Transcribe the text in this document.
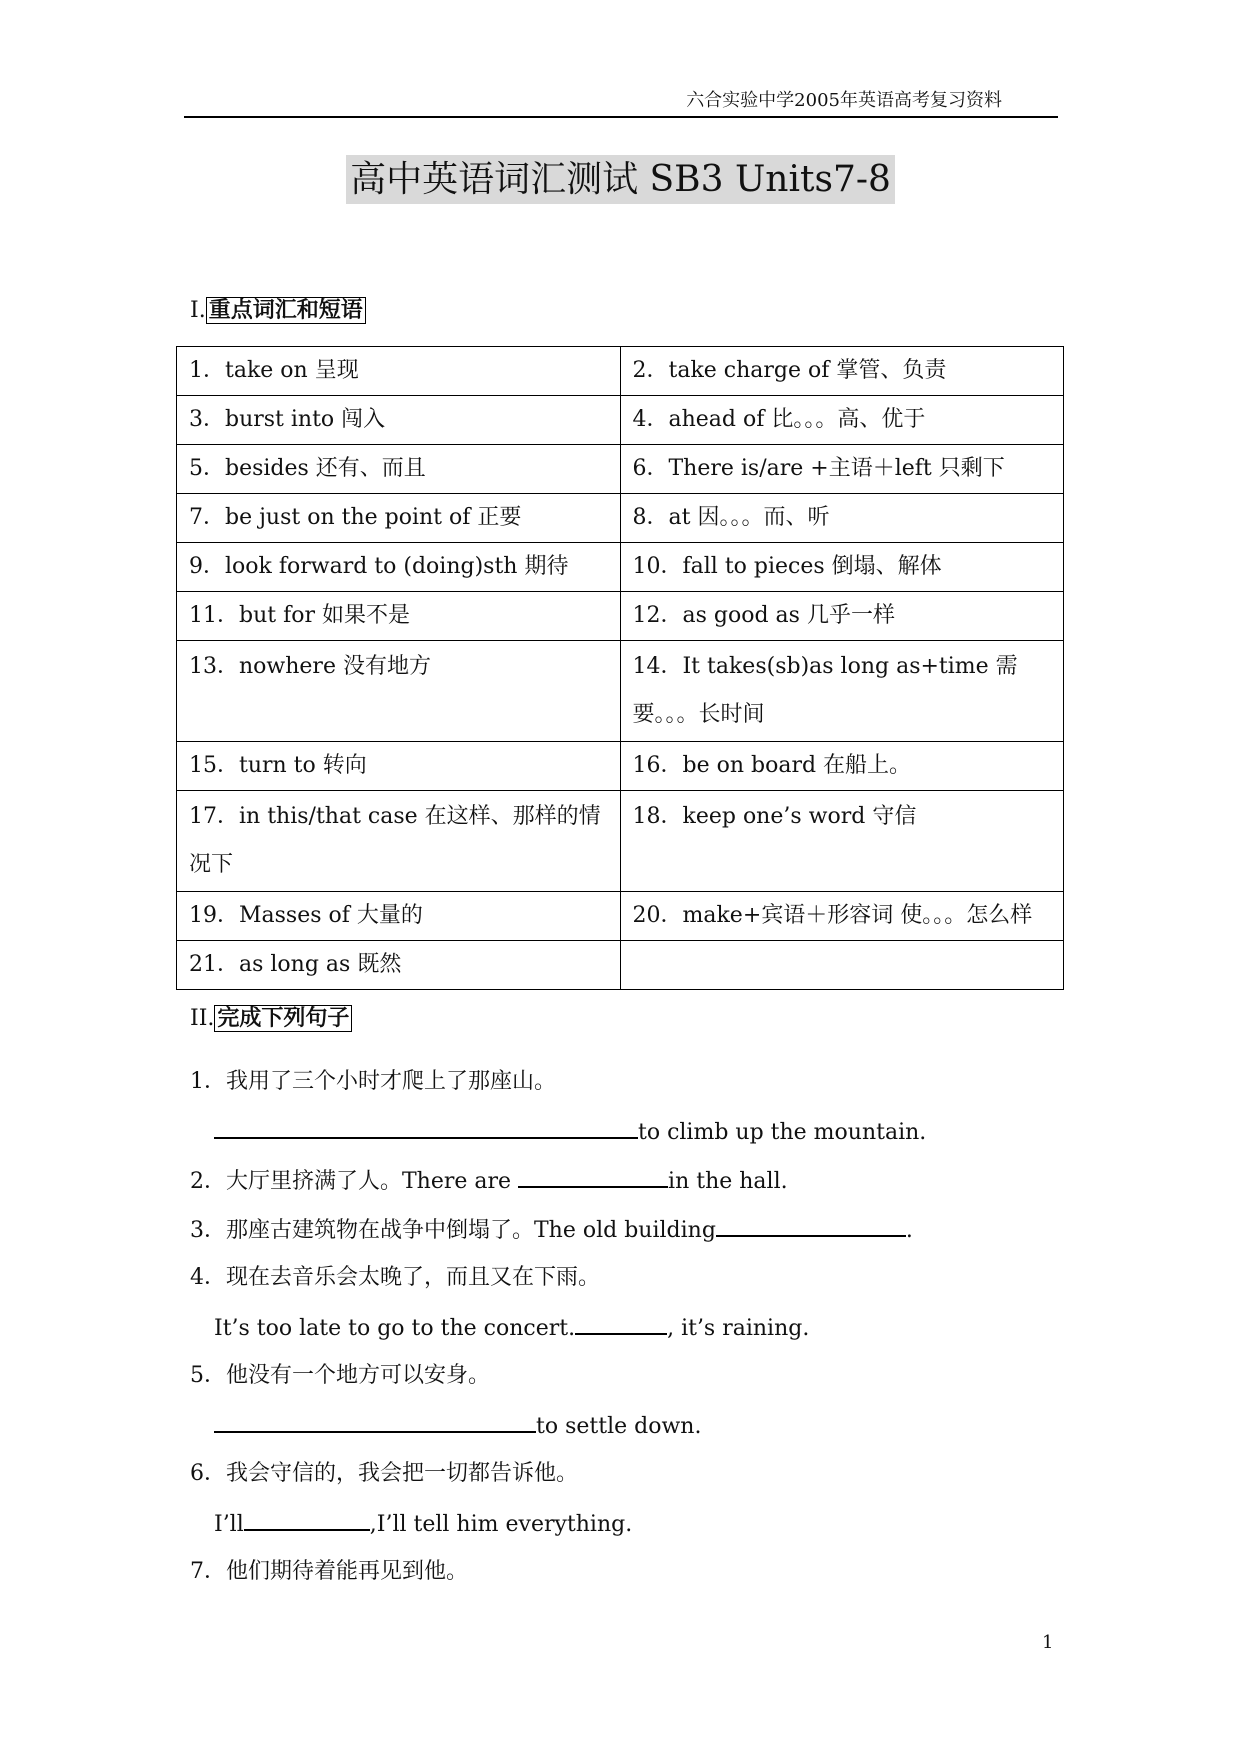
六合实验中学2005年英语高考复习资料
高中英语词汇测试 SB3 Units7-8
I. 重点词汇和短语
1．take on 呈现	2．take charge of 掌管、负责
3．burst into 闯入	4．ahead of 比。。。高、优于
5．besides 还有、而且	6．There is/are +主语＋left 只剩下
7．be just on the point of 正要	8．at 因。。。而、听
9．look forward to (doing)sth 期待	10．fall to pieces 倒塌、解体
11．but for 如果不是	12．as good as 几乎一样
13．nowhere 没有地方	14．It takes(sb)as long as+time 需要。。。长时间
15．turn to 转向	16．be on board 在船上。
17．in this/that case 在这样、那样的情况下	18．keep one’s word 守信
19．Masses of 大量的	20．make+宾语＋形容词 使。。。怎么样
21．as long as 既然	
II. 完成下列句子
1．我用了三个小时才爬上了那座山。
to climb up the mountain.
2．大厅里挤满了人。There are	in the hall.
3．那座古建筑物在战争中倒塌了。The old building	.
4．现在去音乐会太晚了，而且又在下雨。
It’s too late to go to the concert.	, it’s raining.
5．他没有一个地方可以安身。
to settle down.
6．我会守信的，我会把一切都告诉他。
I’ll	,I’ll tell him everything.
7．他们期待着能再见到他。
1
